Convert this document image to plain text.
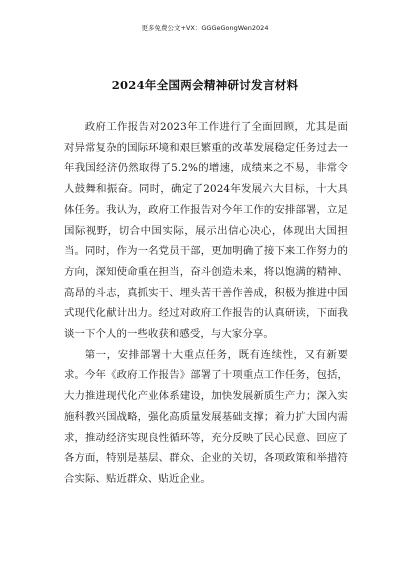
更多免费公文+VX：GGGeGongWen2024
2024年全国两会精神研讨发言材料

政府工作报告对2023年工作进行了全面回顾，尤其是面对异常复杂的国际环境和艰巨繁重的改革发展稳定任务过去一年我国经济仍然取得了5.2%的增速，成绩来之不易，非常令人鼓舞和振奋。同时，确定了2024年发展六大目标，十大具体任务。我认为，政府工作报告对今年工作的安排部署，立足国际视野，切合中国实际，展示出信心决心，体现出大国担当。同时，作为一名党员干部，更加明确了接下来工作努力的方向，深知使命重在担当，奋斗创造未来，将以饱满的精神、高昂的斗志，真抓实干、埋头苦干善作善成，积极为推进中国式现代化献计出力。经过对政府工作报告的认真研读，下面我谈一下个人的一些收获和感受，与大家分享。

第一，安排部署十大重点任务，既有连续性，又有新要求。今年《政府工作报告》部署了十项重点工作任务，包括，大力推进现代化产业体系建设，加快发展新质生产力；深入实施科教兴国战略，强化高质量发展基础支撑；着力扩大国内需求，推动经济实现良性循环等，充分反映了民心民意、回应了各方面，特别是基层、群众、企业的关切，各项政策和举措符合实际、贴近群众、贴近企业。
